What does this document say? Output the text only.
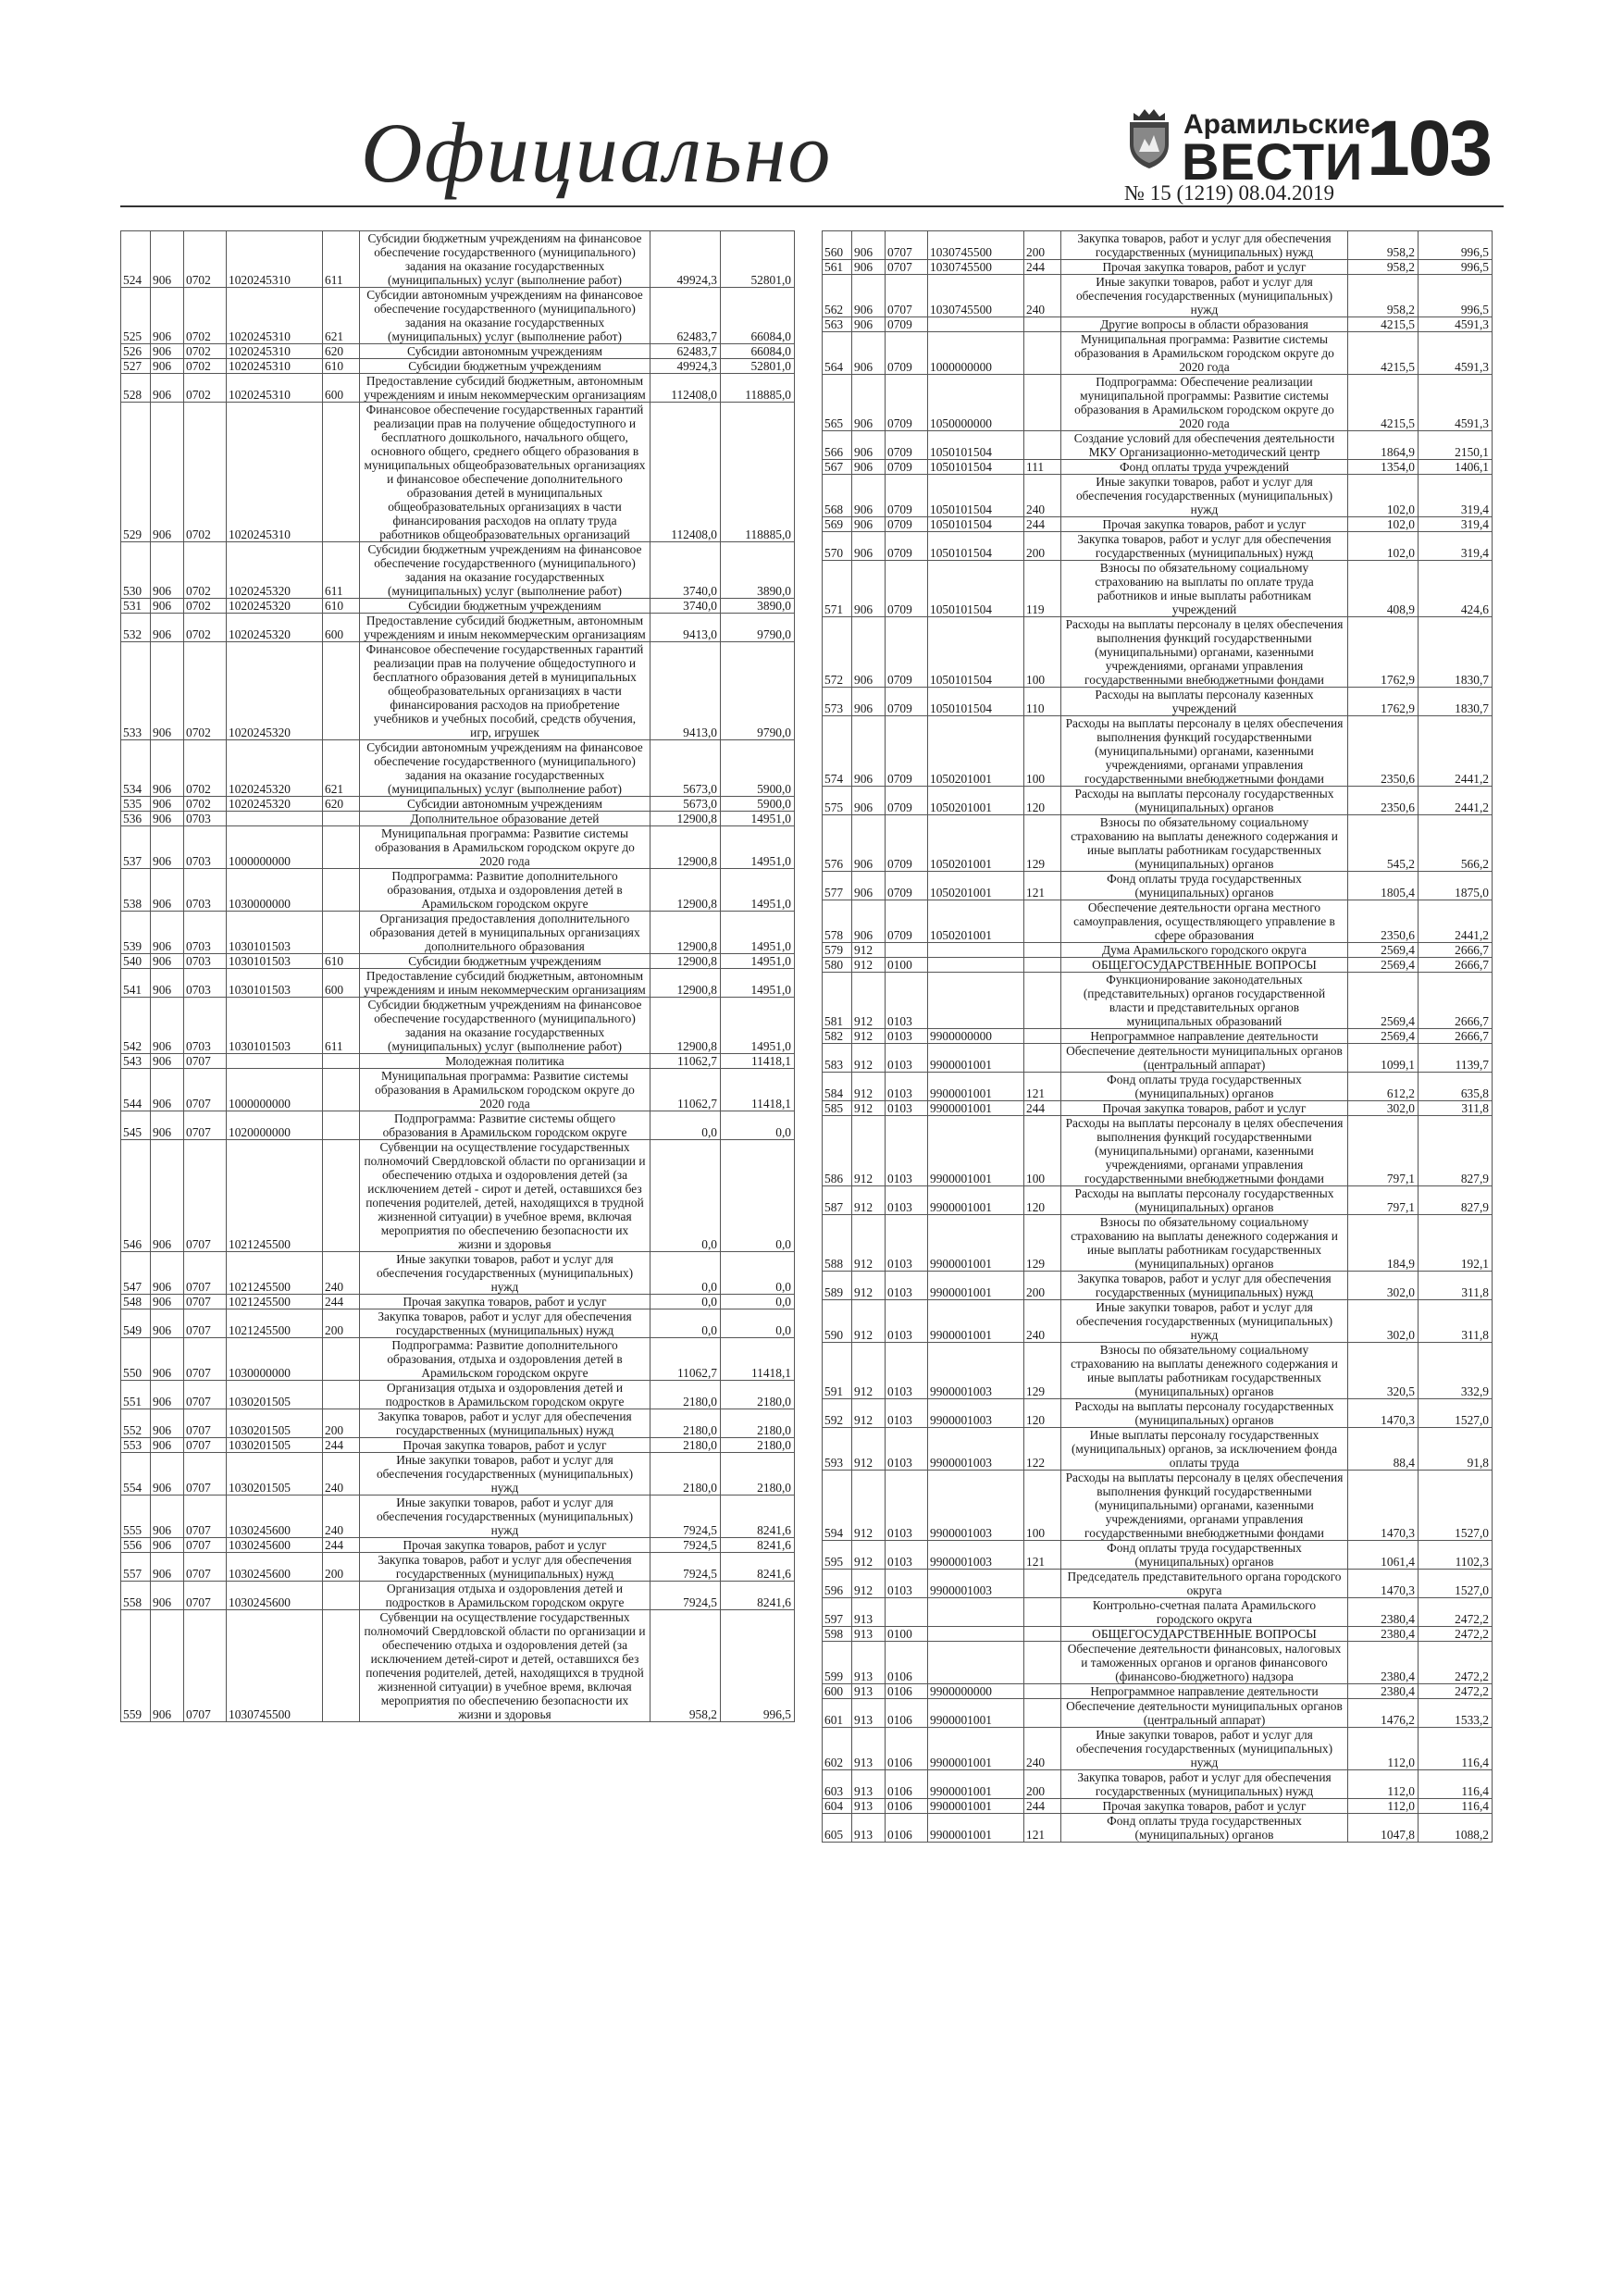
Официально	Арамильские
ВЕСТИ 103
№ 15 (1219) 08.04.2019
524	906	0702	1020245310	611	Субсидии бюджетным учреждениям на финансовое обеспечение государственного (муниципального) задания на оказание государственных (муниципальных) услуг (выполнение работ)	49924,3	52801,0
525	906	0702	1020245310	621	Субсидии автономным учреждениям на финансовое обеспечение государственного (муниципального) задания на оказание государственных (муниципальных) услуг (выполнение работ)	62483,7	66084,0
526	906	0702	1020245310	620	Субсидии автономным учреждениям	62483,7	66084,0
527	906	0702	1020245310	610	Субсидии бюджетным учреждениям	49924,3	52801,0
528	906	0702	1020245310	600	Предоставление субсидий бюджетным, автономным учреждениям и иным некоммерческим организациям	112408,0	118885,0
529	906	0702	1020245310		Финансовое обеспечение государственных гарантий реализации прав на получение общедоступного и бесплатного дошкольного, начального общего, основного общего, среднего общего образования в муниципальных общеобразовательных организациях и финансовое обеспечение дополнительного образования детей в муниципальных общеобразовательных организациях в части финансирования расходов на оплату труда работников общеобразовательных организаций	112408,0	118885,0
530	906	0702	1020245320	611	Субсидии бюджетным учреждениям на финансовое обеспечение государственного (муниципального) задания на оказание государственных (муниципальных) услуг (выполнение работ)	3740,0	3890,0
531	906	0702	1020245320	610	Субсидии бюджетным учреждениям	3740,0	3890,0
532	906	0702	1020245320	600	Предоставление субсидий бюджетным, автономным учреждениям и иным некоммерческим организациям	9413,0	9790,0
533	906	0702	1020245320		Финансовое обеспечение государственных гарантий реализации прав на получение общедоступного и бесплатного образования детей в муниципальных общеобразовательных организациях в части финансирования расходов на приобретение учебников и учебных пособий, средств обучения, игр, игрушек	9413,0	9790,0
534	906	0702	1020245320	621	Субсидии автономным учреждениям на финансовое обеспечение государственного (муниципального) задания на оказание государственных (муниципальных) услуг (выполнение работ)	5673,0	5900,0
535	906	0702	1020245320	620	Субсидии автономным учреждениям	5673,0	5900,0
536	906	0703			Дополнительное образование детей	12900,8	14951,0
537	906	0703	1000000000		Муниципальная программа: Развитие системы образования в Арамильском городском округе до 2020 года	12900,8	14951,0
538	906	0703	1030000000		Подпрограмма: Развитие дополнительного образования, отдыха и оздоровления детей в Арамильском городском округе	12900,8	14951,0
539	906	0703	1030101503		Организация предоставления дополнительного образования детей в муниципальных организациях дополнительного образования	12900,8	14951,0
540	906	0703	1030101503	610	Субсидии бюджетным учреждениям	12900,8	14951,0
541	906	0703	1030101503	600	Предоставление субсидий бюджетным, автономным учреждениям и иным некоммерческим организациям	12900,8	14951,0
542	906	0703	1030101503	611	Субсидии бюджетным учреждениям на финансовое обеспечение государственного (муниципального) задания на оказание государственных (муниципальных) услуг (выполнение работ)	12900,8	14951,0
543	906	0707			Молодежная политика	11062,7	11418,1
544	906	0707	1000000000		Муниципальная программа: Развитие системы образования в Арамильском городском округе до 2020 года	11062,7	11418,1
545	906	0707	1020000000		Подпрограмма: Развитие системы общего образования в Арамильском городском округе	0,0	0,0
546	906	0707	1021245500		Субвенции на осуществление государственных полномочий Свердловской области по организации и обеспечению отдыха и оздоровления детей (за исключением детей - сирот и детей, оставшихся без попечения родителей, детей, находящихся в трудной жизненной ситуации) в учебное время, включая мероприятия по обеспечению безопасности их жизни и здоровья	0,0	0,0
547	906	0707	1021245500	240	Иные закупки товаров, работ и услуг для обеспечения государственных (муниципальных) нужд	0,0	0,0
548	906	0707	1021245500	244	Прочая закупка товаров, работ и услуг	0,0	0,0
549	906	0707	1021245500	200	Закупка товаров, работ и услуг для обеспечения государственных (муниципальных) нужд	0,0	0,0
550	906	0707	1030000000		Подпрограмма: Развитие дополнительного образования, отдыха и оздоровления детей в Арамильском городском округе	11062,7	11418,1
551	906	0707	1030201505		Организация отдыха и оздоровления детей и подростков в Арамильском городском округе	2180,0	2180,0
552	906	0707	1030201505	200	Закупка товаров, работ и услуг для обеспечения государственных (муниципальных) нужд	2180,0	2180,0
553	906	0707	1030201505	244	Прочая закупка товаров, работ и услуг	2180,0	2180,0
554	906	0707	1030201505	240	Иные закупки товаров, работ и услуг для обеспечения государственных (муниципальных) нужд	2180,0	2180,0
555	906	0707	1030245600	240	Иные закупки товаров, работ и услуг для обеспечения государственных (муниципальных) нужд	7924,5	8241,6
556	906	0707	1030245600	244	Прочая закупка товаров, работ и услуг	7924,5	8241,6
557	906	0707	1030245600	200	Закупка товаров, работ и услуг для обеспечения государственных (муниципальных) нужд	7924,5	8241,6
558	906	0707	1030245600		Организация отдыха и оздоровления детей и подростков в Арамильском городском округе	7924,5	8241,6
559	906	0707	1030745500		Субвенции на осуществление государственных полномочий Свердловской области по организации и обеспечению отдыха и оздоровления детей (за исключением детей-сирот и детей, оставшихся без попечения родителей, детей, находящихся в трудной жизненной ситуации) в учебное время, включая мероприятия по обеспечению безопасности их жизни и здоровья	958,2	996,5
560	906	0707	1030745500	200	Закупка товаров, работ и услуг для обеспечения государственных (муниципальных) нужд	958,2	996,5
561	906	0707	1030745500	244	Прочая закупка товаров, работ и услуг	958,2	996,5
562	906	0707	1030745500	240	Иные закупки товаров, работ и услуг для обеспечения государственных (муниципальных) нужд	958,2	996,5
563	906	0709			Другие вопросы в области образования	4215,5	4591,3
564	906	0709	1000000000		Муниципальная программа: Развитие системы образования в Арамильском городском округе до 2020 года	4215,5	4591,3
565	906	0709	1050000000		Подпрограмма: Обеспечение реализации муниципальной программы: Развитие системы образования в Арамильском городском округе до 2020 года	4215,5	4591,3
566	906	0709	1050101504		Создание условий для обеспечения деятельности МКУ Организационно-методический центр	1864,9	2150,1
567	906	0709	1050101504	111	Фонд оплаты труда учреждений	1354,0	1406,1
568	906	0709	1050101504	240	Иные закупки товаров, работ и услуг для обеспечения государственных (муниципальных) нужд	102,0	319,4
569	906	0709	1050101504	244	Прочая закупка товаров, работ и услуг	102,0	319,4
570	906	0709	1050101504	200	Закупка товаров, работ и услуг для обеспечения государственных (муниципальных) нужд	102,0	319,4
571	906	0709	1050101504	119	Взносы по обязательному социальному страхованию на выплаты по оплате труда работников и иные выплаты работникам учреждений	408,9	424,6
572	906	0709	1050101504	100	Расходы на выплаты персоналу в целях обеспечения выполнения функций государственными (муниципальными) органами, казенными учреждениями, органами управления государственными внебюджетными фондами	1762,9	1830,7
573	906	0709	1050101504	110	Расходы на выплаты персоналу казенных учреждений	1762,9	1830,7
574	906	0709	1050201001	100	Расходы на выплаты персоналу в целях обеспечения выполнения функций государственными (муниципальными) органами, казенными учреждениями, органами управления государственными внебюджетными фондами	2350,6	2441,2
575	906	0709	1050201001	120	Расходы на выплаты персоналу государственных (муниципальных) органов	2350,6	2441,2
576	906	0709	1050201001	129	Взносы по обязательному социальному страхованию на выплаты денежного содержания и иные выплаты работникам государственных (муниципальных) органов	545,2	566,2
577	906	0709	1050201001	121	Фонд оплаты труда государственных (муниципальных) органов	1805,4	1875,0
578	906	0709	1050201001		Обеспечение деятельности органа местного самоуправления, осуществляющего управление в сфере образования	2350,6	2441,2
579	912				Дума Арамильского городского округа	2569,4	2666,7
580	912	0100			ОБЩЕГОСУДАРСТВЕННЫЕ ВОПРОСЫ	2569,4	2666,7
581	912	0103			Функционирование законодательных (представительных) органов государственной власти и представительных органов муниципальных образований	2569,4	2666,7
582	912	0103	9900000000		Непрограммное направление деятельности	2569,4	2666,7
583	912	0103	9900001001		Обеспечение деятельности муниципальных органов (центральный аппарат)	1099,1	1139,7
584	912	0103	9900001001	121	Фонд оплаты труда государственных (муниципальных) органов	612,2	635,8
585	912	0103	9900001001	244	Прочая закупка товаров, работ и услуг	302,0	311,8
586	912	0103	9900001001	100	Расходы на выплаты персоналу в целях обеспечения выполнения функций государственными (муниципальными) органами, казенными учреждениями, органами управления государственными внебюджетными фондами	797,1	827,9
587	912	0103	9900001001	120	Расходы на выплаты персоналу государственных (муниципальных) органов	797,1	827,9
588	912	0103	9900001001	129	Взносы по обязательному социальному страхованию на выплаты денежного содержания и иные выплаты работникам государственных (муниципальных) органов	184,9	192,1
589	912	0103	9900001001	200	Закупка товаров, работ и услуг для обеспечения государственных (муниципальных) нужд	302,0	311,8
590	912	0103	9900001001	240	Иные закупки товаров, работ и услуг для обеспечения государственных (муниципальных) нужд	302,0	311,8
591	912	0103	9900001003	129	Взносы по обязательному социальному страхованию на выплаты денежного содержания и иные выплаты работникам государственных (муниципальных) органов	320,5	332,9
592	912	0103	9900001003	120	Расходы на выплаты персоналу государственных (муниципальных) органов	1470,3	1527,0
593	912	0103	9900001003	122	Иные выплаты персоналу государственных (муниципальных) органов, за исключением фонда оплаты труда	88,4	91,8
594	912	0103	9900001003	100	Расходы на выплаты персоналу в целях обеспечения выполнения функций государственными (муниципальными) органами, казенными учреждениями, органами управления государственными внебюджетными фондами	1470,3	1527,0
595	912	0103	9900001003	121	Фонд оплаты труда государственных (муниципальных) органов	1061,4	1102,3
596	912	0103	9900001003		Председатель представительного органа городского округа	1470,3	1527,0
597	913				Контрольно-счетная палата Арамильского городского округа	2380,4	2472,2
598	913	0100			ОБЩЕГОСУДАРСТВЕННЫЕ ВОПРОСЫ	2380,4	2472,2
599	913	0106			Обеспечение деятельности финансовых, налоговых и таможенных органов и органов финансового (финансово-бюджетного) надзора	2380,4	2472,2
600	913	0106	9900000000		Непрограммное направление деятельности	2380,4	2472,2
601	913	0106	9900001001		Обеспечение деятельности муниципальных органов (центральный аппарат)	1476,2	1533,2
602	913	0106	9900001001	240	Иные закупки товаров, работ и услуг для обеспечения государственных (муниципальных) нужд	112,0	116,4
603	913	0106	9900001001	200	Закупка товаров, работ и услуг для обеспечения государственных (муниципальных) нужд	112,0	116,4
604	913	0106	9900001001	244	Прочая закупка товаров, работ и услуг	112,0	116,4
605	913	0106	9900001001	121	Фонд оплаты труда государственных (муниципальных) органов	1047,8	1088,2
